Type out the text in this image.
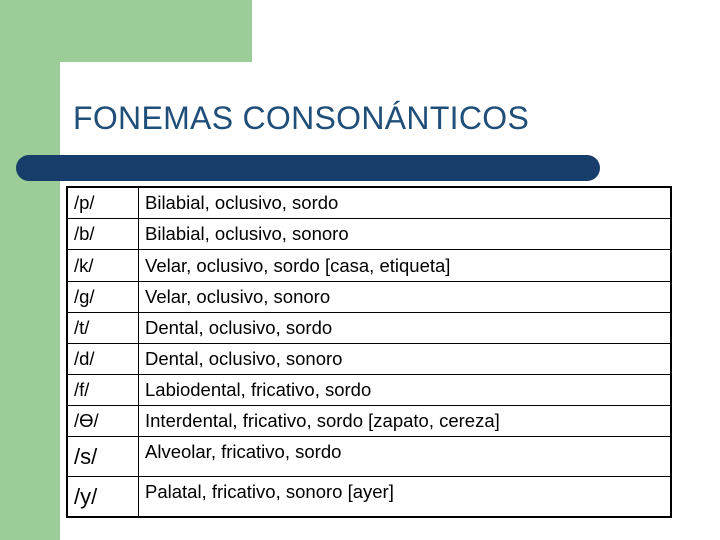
FONEMAS CONSONÁNTICOS
/p/	Bilabial, oclusivo, sordo
/b/	Bilabial, oclusivo, sonoro
/k/	Velar, oclusivo, sordo [casa, etiqueta]
/g/	Velar, oclusivo, sonoro
/t/	Dental, oclusivo, sordo
/d/	Dental, oclusivo, sonoro
/f/	Labiodental, fricativo, sordo
/Ɵ/	Interdental, fricativo, sordo [zapato, cereza]
/s/	Alveolar, fricativo, sordo
/y/	Palatal, fricativo, sonoro [ayer]
